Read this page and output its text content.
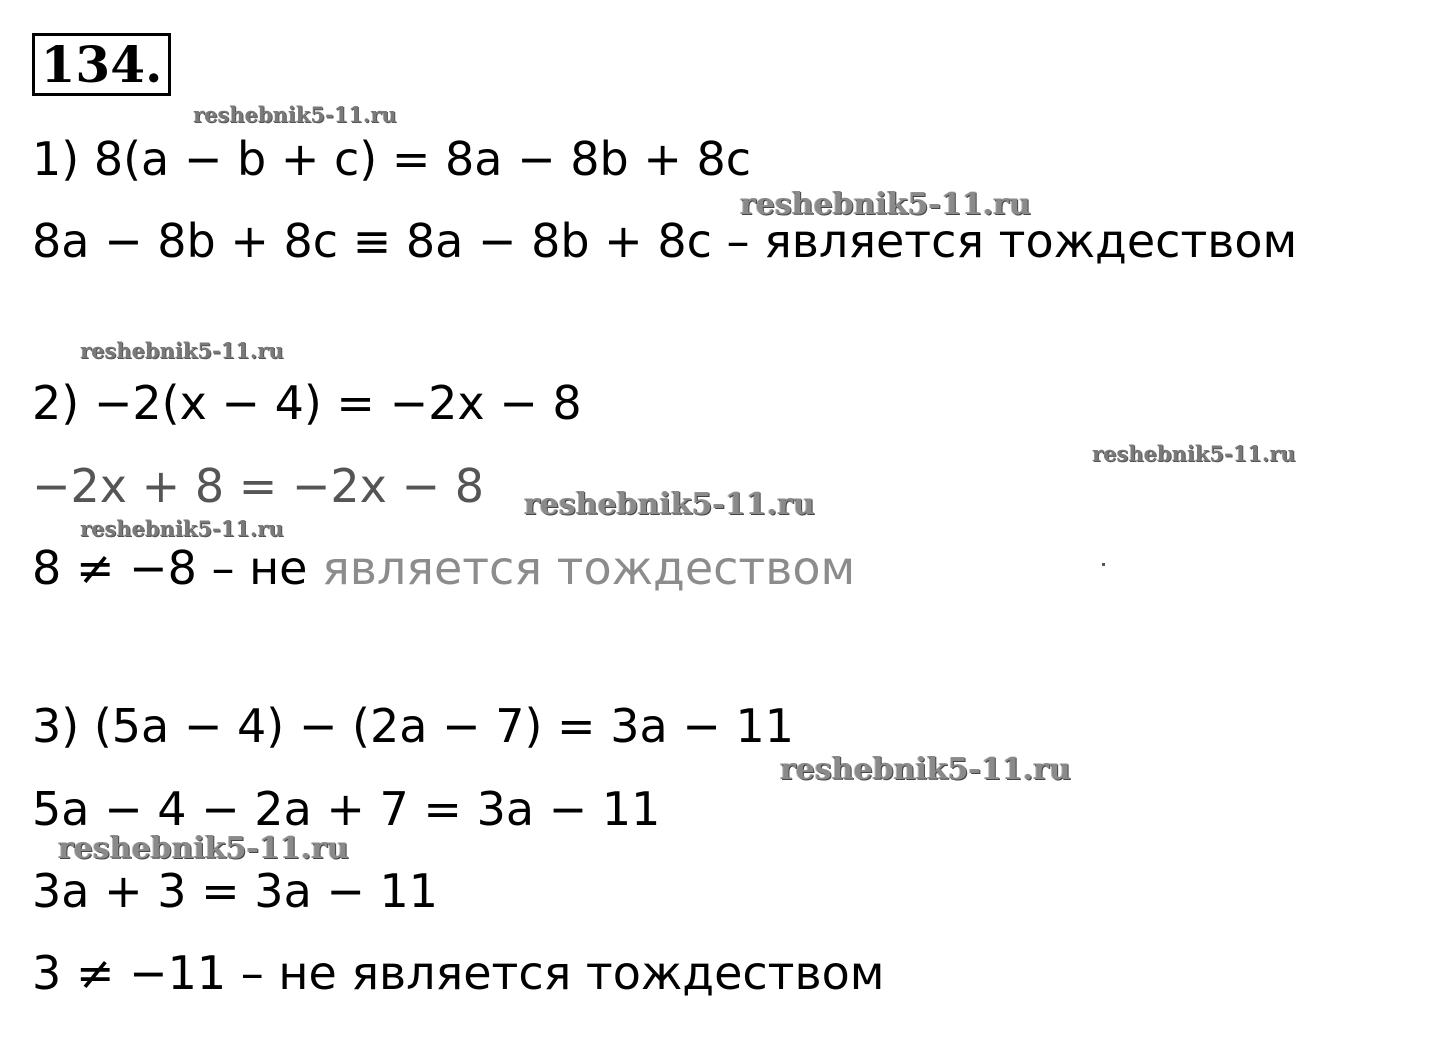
134.
1) 8(a − b + c) = 8a − 8b + 8c
8a − 8b + 8c ≡ 8a − 8b + 8c – является тождеством
2) −2(x − 4) = −2x − 8
−2x + 8 = −2x − 8
8 ≠ −8 – не является тождеством
3) (5a − 4) − (2a − 7) = 3a − 11
5a − 4 − 2a + 7 = 3a − 11
3a + 3 = 3a − 11
3 ≠ −11 – не является тождеством
reshebnik5-11.ru
reshebnik5-11.ru
reshebnik5-11.ru
reshebnik5-11.ru
reshebnik5-11.ru
reshebnik5-11.ru
reshebnik5-11.ru
reshebnik5-11.ru
